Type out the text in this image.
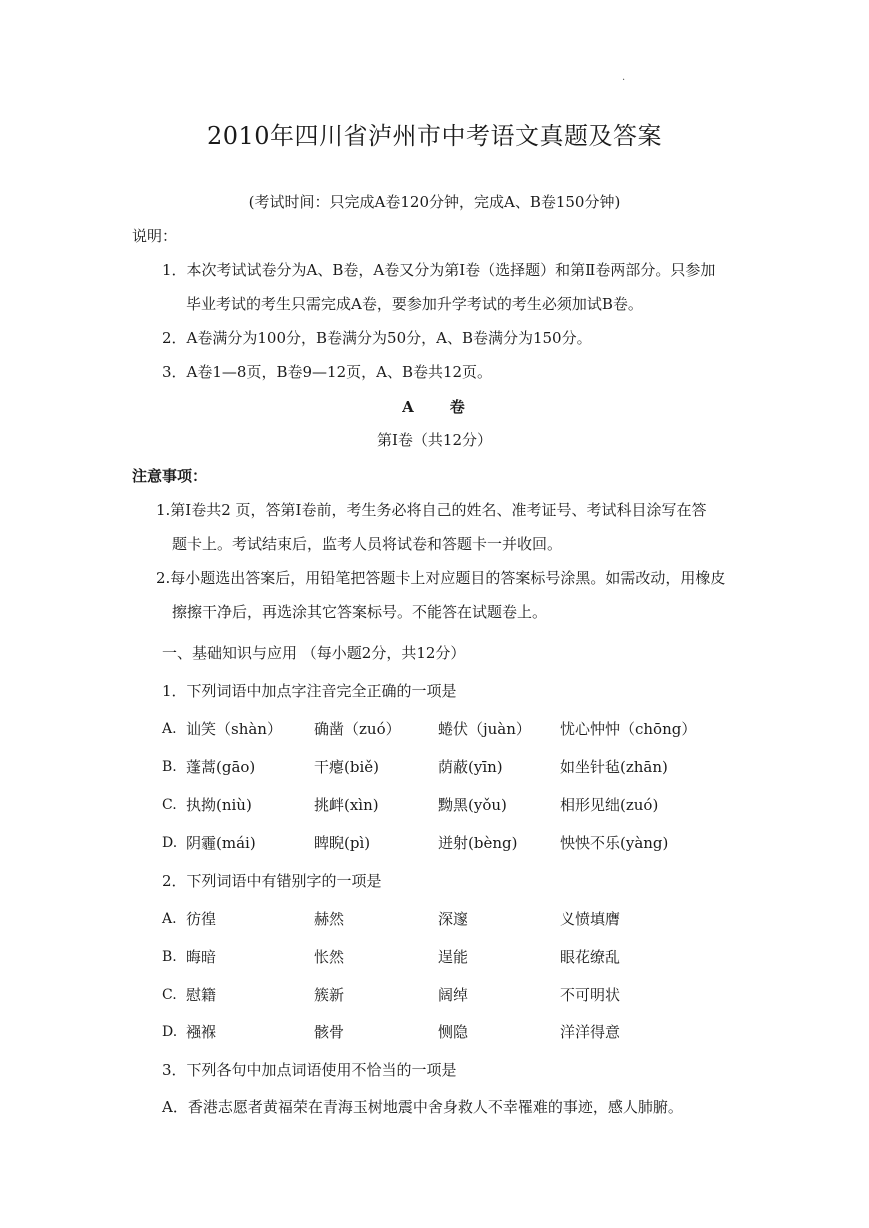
.
2010年四川省泸州市中考语文真题及答案
(考试时间：只完成A卷120分钟，完成A、B卷150分钟)
说明：
1．本次考试试卷分为A、B卷，A卷又分为第Ⅰ卷（选择题）和第Ⅱ卷两部分。只参加
毕业考试的考生只需完成A卷，要参加升学考试的考生必须加试B卷。
2．A卷满分为100分，B卷满分为50分，A、B卷满分为150分。
3．A卷1—8页，B卷9—12页，A、B卷共12页。
A　　卷
第Ⅰ卷（共12分）
注意事项：
1.第I卷共2 页，答第I卷前，考生务必将自己的姓名、准考证号、考试科目涂写在答
题卡上。考试结束后，监考人员将试卷和答题卡一并收回。
2.每小题选出答案后，用铅笔把答题卡上对应题目的答案标号涂黑。如需改动，用橡皮
擦擦干净后，再选涂其它答案标号。不能答在试题卷上。
一、基础知识与应用 （每小题2分，共12分）
1．下列词语中加点字注音完全正确的一项是
A. 讪笑（shàn） 确凿（zuó） 蜷伏（juàn） 忧心忡忡（chōng）
B. 蓬蒿(gāo)	干瘪(biě)	荫蔽(yīn)	如坐针毡(zhān)
C. 执拗(niù)	挑衅(xìn)	黝黑(yǒu)	相形见绌(zuó)
D. 阴霾(mái)	睥睨(pì)	迸射(bèng)	怏怏不乐(yàng)
2．下列词语中有错别字的一项是
A. 彷徨	赫然	深邃	义愤填膺
B. 晦暗	怅然	逞能	眼花缭乱
C. 慰籍	簇新	阔绰	不可明状
D. 襁褓	骸骨	恻隐	洋洋得意
3．下列各句中加点词语使用不恰当的一项是
A．香港志愿者黄福荣在青海玉树地震中舍身救人不幸罹难的事迹，感人肺腑。
